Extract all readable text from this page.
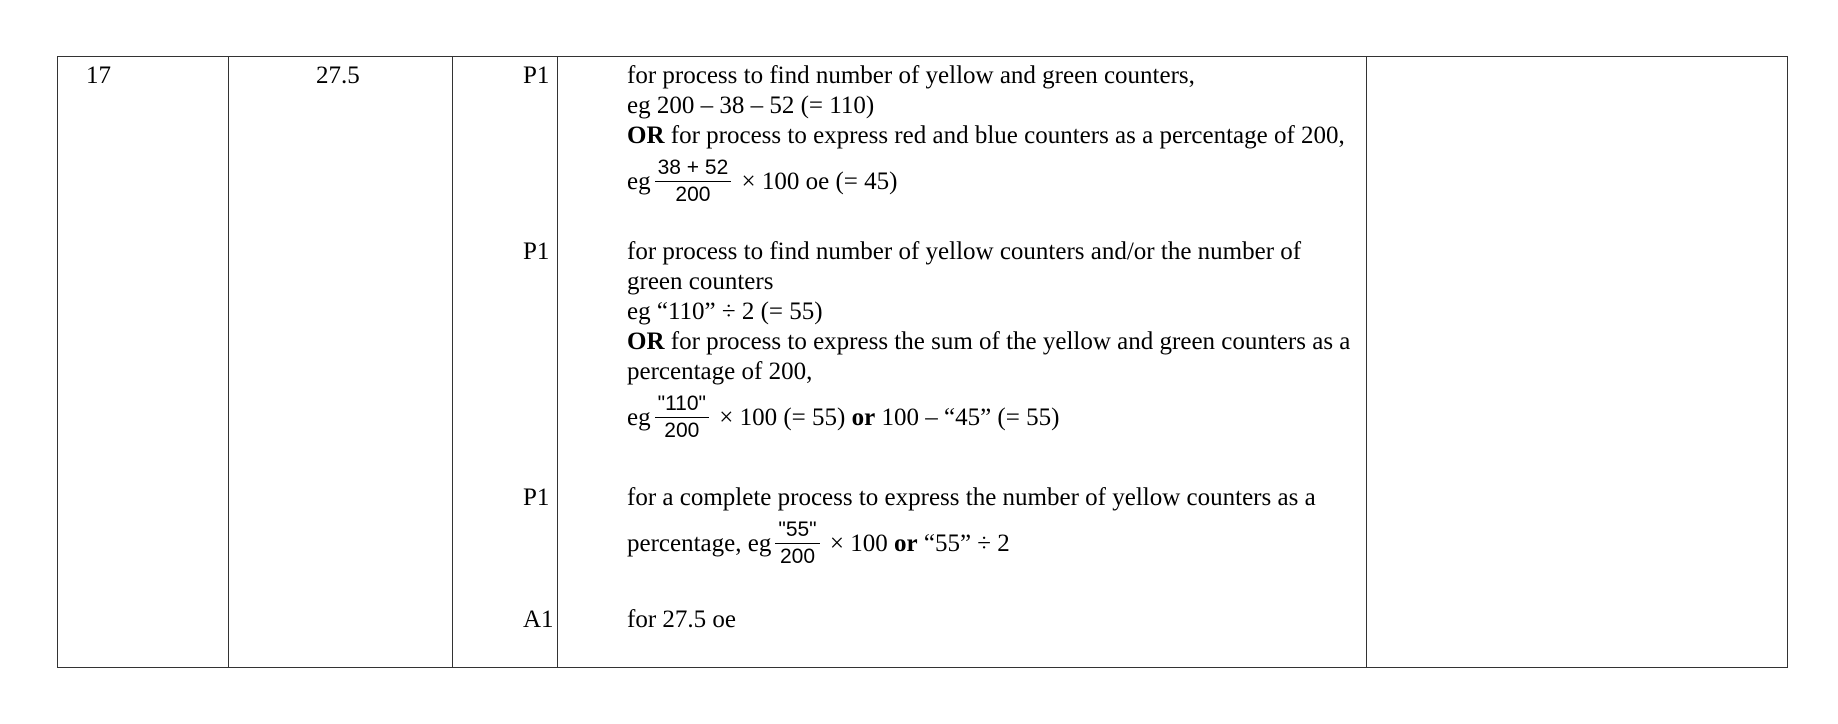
17	27.5	P1	for process to find number of yellow and green counters,
eg 200 – 38 – 52 (= 110)
OR for process to express red and blue counters as a percentage of 200,
eg $\frac{38 + 52}{200} \times 100$ oe (= 45)
P1	for process to find number of yellow counters and/or the number of
green counters
eg “110” ÷ 2 (= 55)
OR for process to express the sum of the yellow and green counters as a
percentage of 200,
eg $\frac{"110"}{200} \times 100$ (= 55) or 100 – “45” (= 55)
P1	for a complete process to express the number of yellow counters as a
percentage, eg $\frac{"55"}{200} \times 100$ or “55” ÷ 2
A1	for 27.5 oe
